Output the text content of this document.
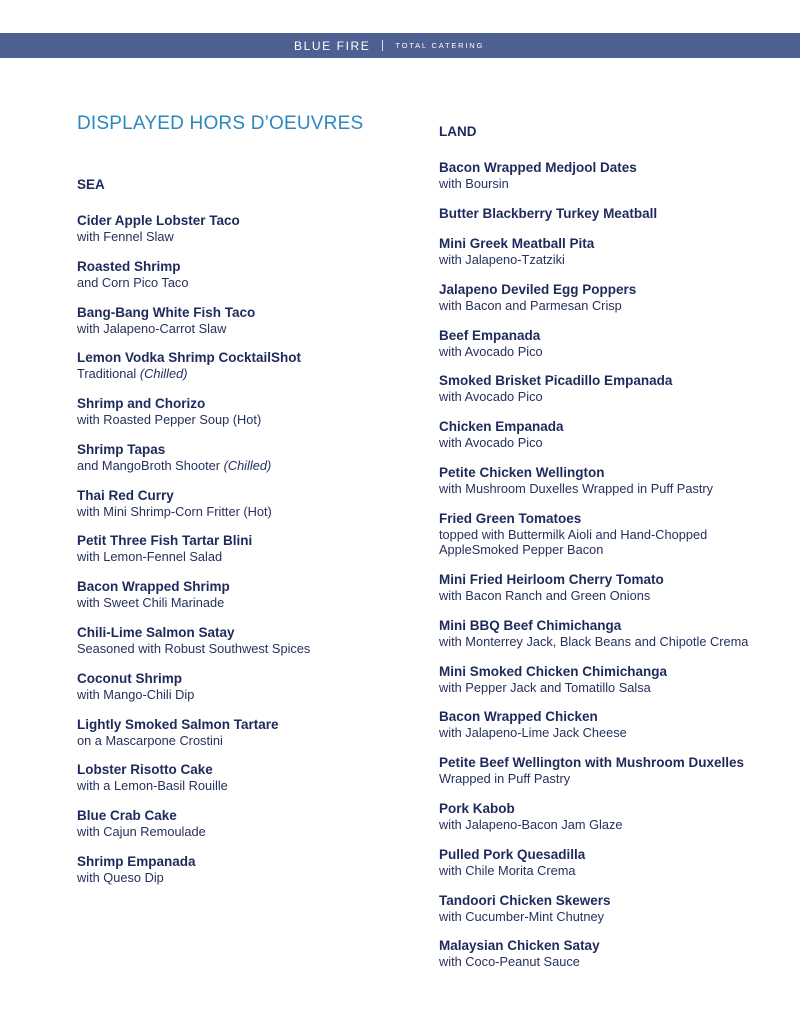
BLUE FIRE	TOTAL CATERING
DISPLAYED HORS D’OEUVRES
SEA
Cider Apple Lobster Taco
with Fennel Slaw
Roasted Shrimp
and Corn Pico Taco
Bang-Bang White Fish Taco
with Jalapeno-Carrot Slaw
Lemon Vodka Shrimp CocktailShot
Traditional (Chilled)
Shrimp and Chorizo
with Roasted Pepper Soup (Hot)
Shrimp Tapas
and MangoBroth Shooter (Chilled)
Thai Red Curry
with Mini Shrimp-Corn Fritter (Hot)
Petit Three Fish Tartar Blini
with Lemon-Fennel Salad
Bacon Wrapped Shrimp
with Sweet Chili Marinade
Chili-Lime Salmon Satay
Seasoned with Robust Southwest Spices
Coconut Shrimp
with Mango-Chili Dip
Lightly Smoked Salmon Tartare
on a Mascarpone Crostini
Lobster Risotto Cake
with a Lemon-Basil Rouille
Blue Crab Cake
with Cajun Remoulade
Shrimp Empanada
with Queso Dip
LAND
Bacon Wrapped Medjool Dates
with Boursin
Butter Blackberry Turkey Meatball
Mini Greek Meatball Pita
with Jalapeno-Tzatziki
Jalapeno Deviled Egg Poppers
with Bacon and Parmesan Crisp
Beef Empanada
with Avocado Pico
Smoked Brisket Picadillo Empanada
with Avocado Pico
Chicken Empanada
with Avocado Pico
Petite Chicken Wellington
with Mushroom Duxelles Wrapped in Puff Pastry
Fried Green Tomatoes
topped with Buttermilk Aioli and Hand-Chopped
AppleSmoked Pepper Bacon
Mini Fried Heirloom Cherry Tomato
with Bacon Ranch and Green Onions
Mini BBQ Beef Chimichanga
with Monterrey Jack, Black Beans and Chipotle Crema
Mini Smoked Chicken Chimichanga
with Pepper Jack and Tomatillo Salsa
Bacon Wrapped Chicken
with Jalapeno-Lime Jack Cheese
Petite Beef Wellington with Mushroom Duxelles
Wrapped in Puff Pastry
Pork Kabob
with Jalapeno-Bacon Jam Glaze
Pulled Pork Quesadilla
with Chile Morita Crema
Tandoori Chicken Skewers
with Cucumber-Mint Chutney
Malaysian Chicken Satay
with Coco-Peanut Sauce
